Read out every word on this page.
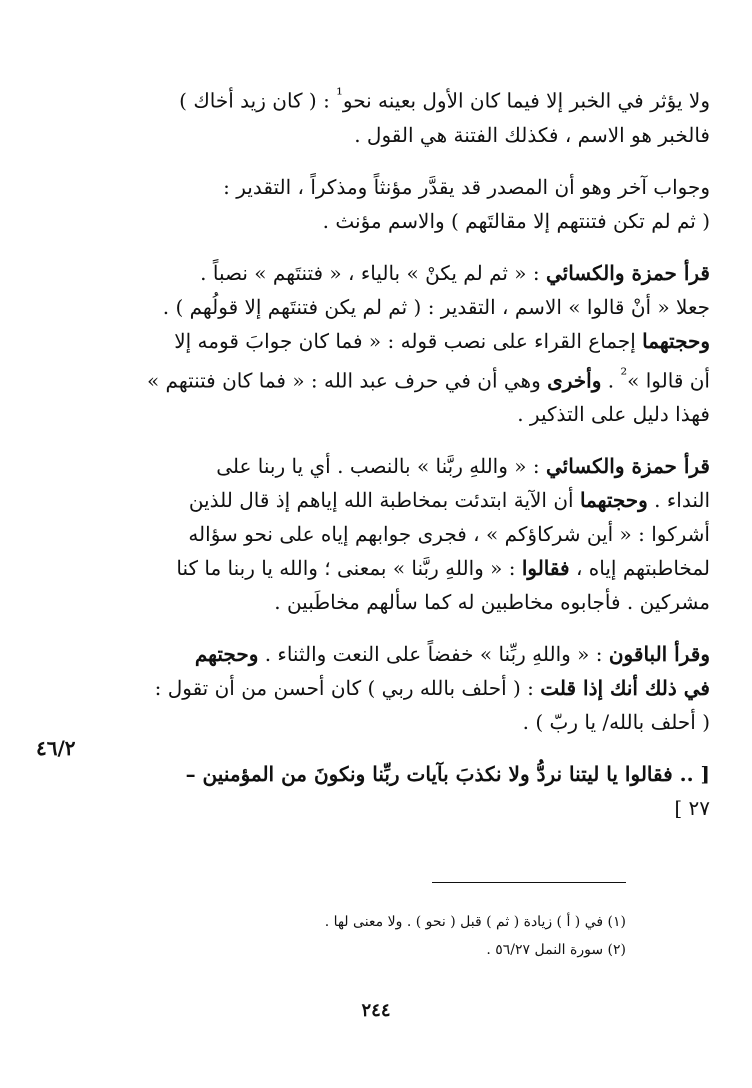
ولا يؤثر في الخبر إلا فيما كان الأول بعينه نحو$^{^1}$ : ( كان زيد أخاك )
فالخبر هو الاسم ، فكذلك الفتنة هي القول .

وجواب آخر وهو أن المصدر قد يقدَّر مؤنثاً ومذكراً ، التقدير :
( ثم لم تكن فتنتهم إلا مقالتَهم ) والاسم مؤنث .

قرأ حمزة والكسائي : « ثم لم يكنْ » بالياء ، « فتنتَهم » نصباً .
جعلا « أنْ قالوا » الاسم ، التقدير : ( ثم لم يكن فتنتَهم إلا قولُهم ) .
وحجتهما إجماع القراء على نصب قوله : « فما كان جوابَ قومه إلا
أن قالوا »$^{^2}$ . وأخرى وهي أن في حرف عبد الله : « فما كان فتنتهم »
فهذا دليل على التذكير .

قرأ حمزة والكسائي : « واللهِ ربَّنا » بالنصب . أي يا ربنا على
النداء . وحجتهما أن الآية ابتدئت بمخاطبة الله إياهم إذ قال للذين
أشركوا : « أين شركاؤكم » ، فجرى جوابهم إياه على نحو سؤاله
لمخاطبتهم إياه ، فقالوا : « واللهِ ربَّنا » بمعنى ؛ والله يا ربنا ما كنا
مشركين . فأجابوه مخاطبين له كما سألهم مخاطَبين .

وقرأ الباقون : « واللهِ ربِّنا » خفضاً على النعت والثناء . وحجتهم
في ذلك أنك إذا قلت : ( أحلف بالله ربي ) كان أحسن من أن تقول :
( أحلف بالله/ يا ربّ ) .

[ .. فقالوا يا ليتنا نردُّ ولا نكذبَ بآيات ربِّنا ونكونَ من المؤمنين –
٢٧ ]

٤٦/٢
(١) في ( أ ) زيادة ( ثم ) قبل ( نحو ) . ولا معنى لها .
(٢) سورة النمل ٥٦/٢٧ .
٢٤٤
